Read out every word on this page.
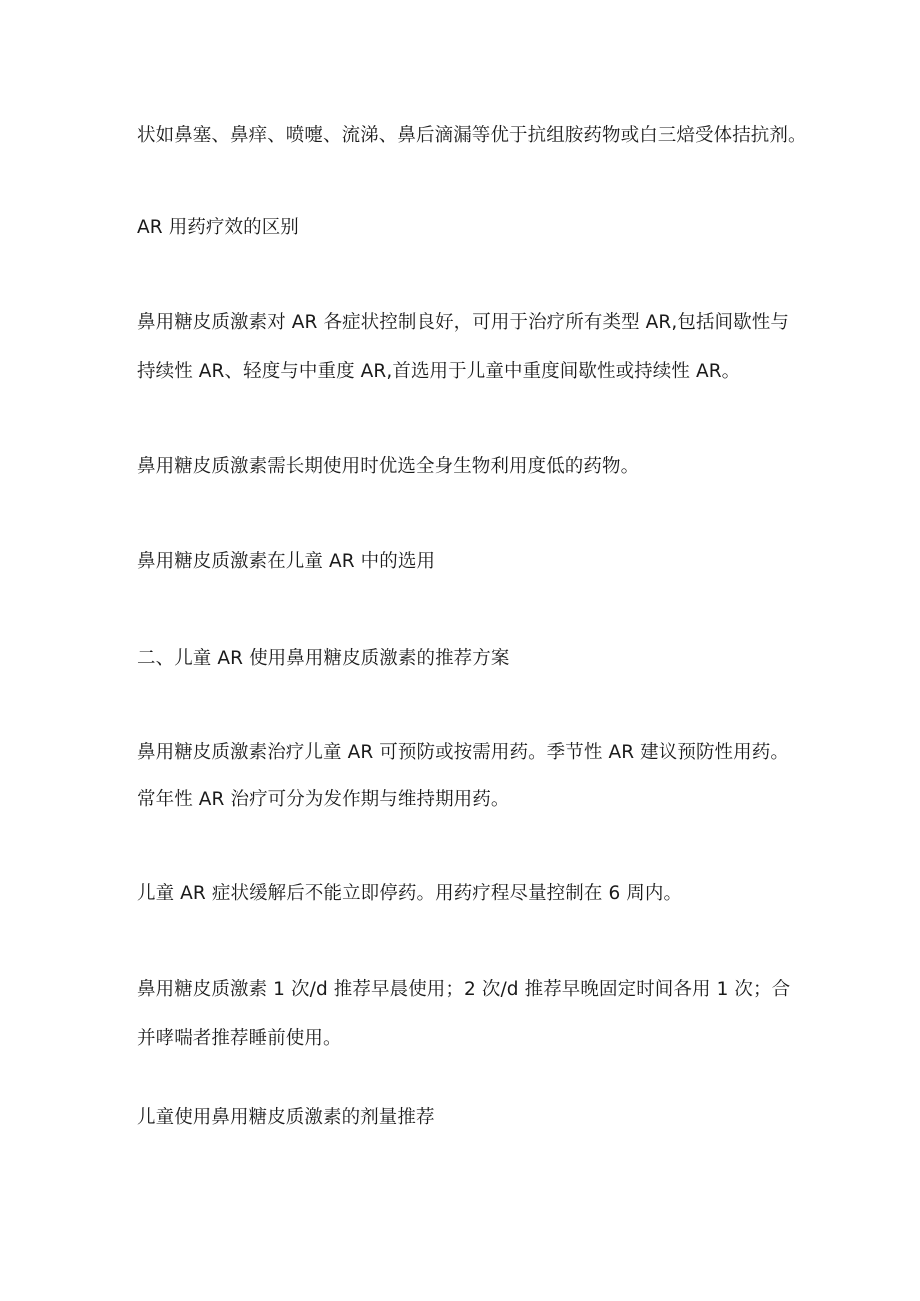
状如鼻塞、鼻痒、喷嚏、流涕、鼻后滴漏等优于抗组胺药物或白三焙受体拮抗剂。
AR 用药疗效的区别
鼻用糖皮质激素对 AR 各症状控制良好，可用于治疗所有类型 AR,包括间歇性与
持续性 AR、轻度与中重度 AR,首选用于儿童中重度间歇性或持续性 AR。
鼻用糖皮质激素需长期使用时优选全身生物利用度低的药物。
鼻用糖皮质激素在儿童 AR 中的选用
二、儿童 AR 使用鼻用糖皮质激素的推荐方案
鼻用糖皮质激素治疗儿童 AR 可预防或按需用药。季节性 AR 建议预防性用药。
常年性 AR 治疗可分为发作期与维持期用药。
儿童 AR 症状缓解后不能立即停药。用药疗程尽量控制在 6 周内。
鼻用糖皮质激素 1 次/d 推荐早晨使用；2 次/d 推荐早晚固定时间各用 1 次；合
并哮喘者推荐睡前使用。
儿童使用鼻用糖皮质激素的剂量推荐
